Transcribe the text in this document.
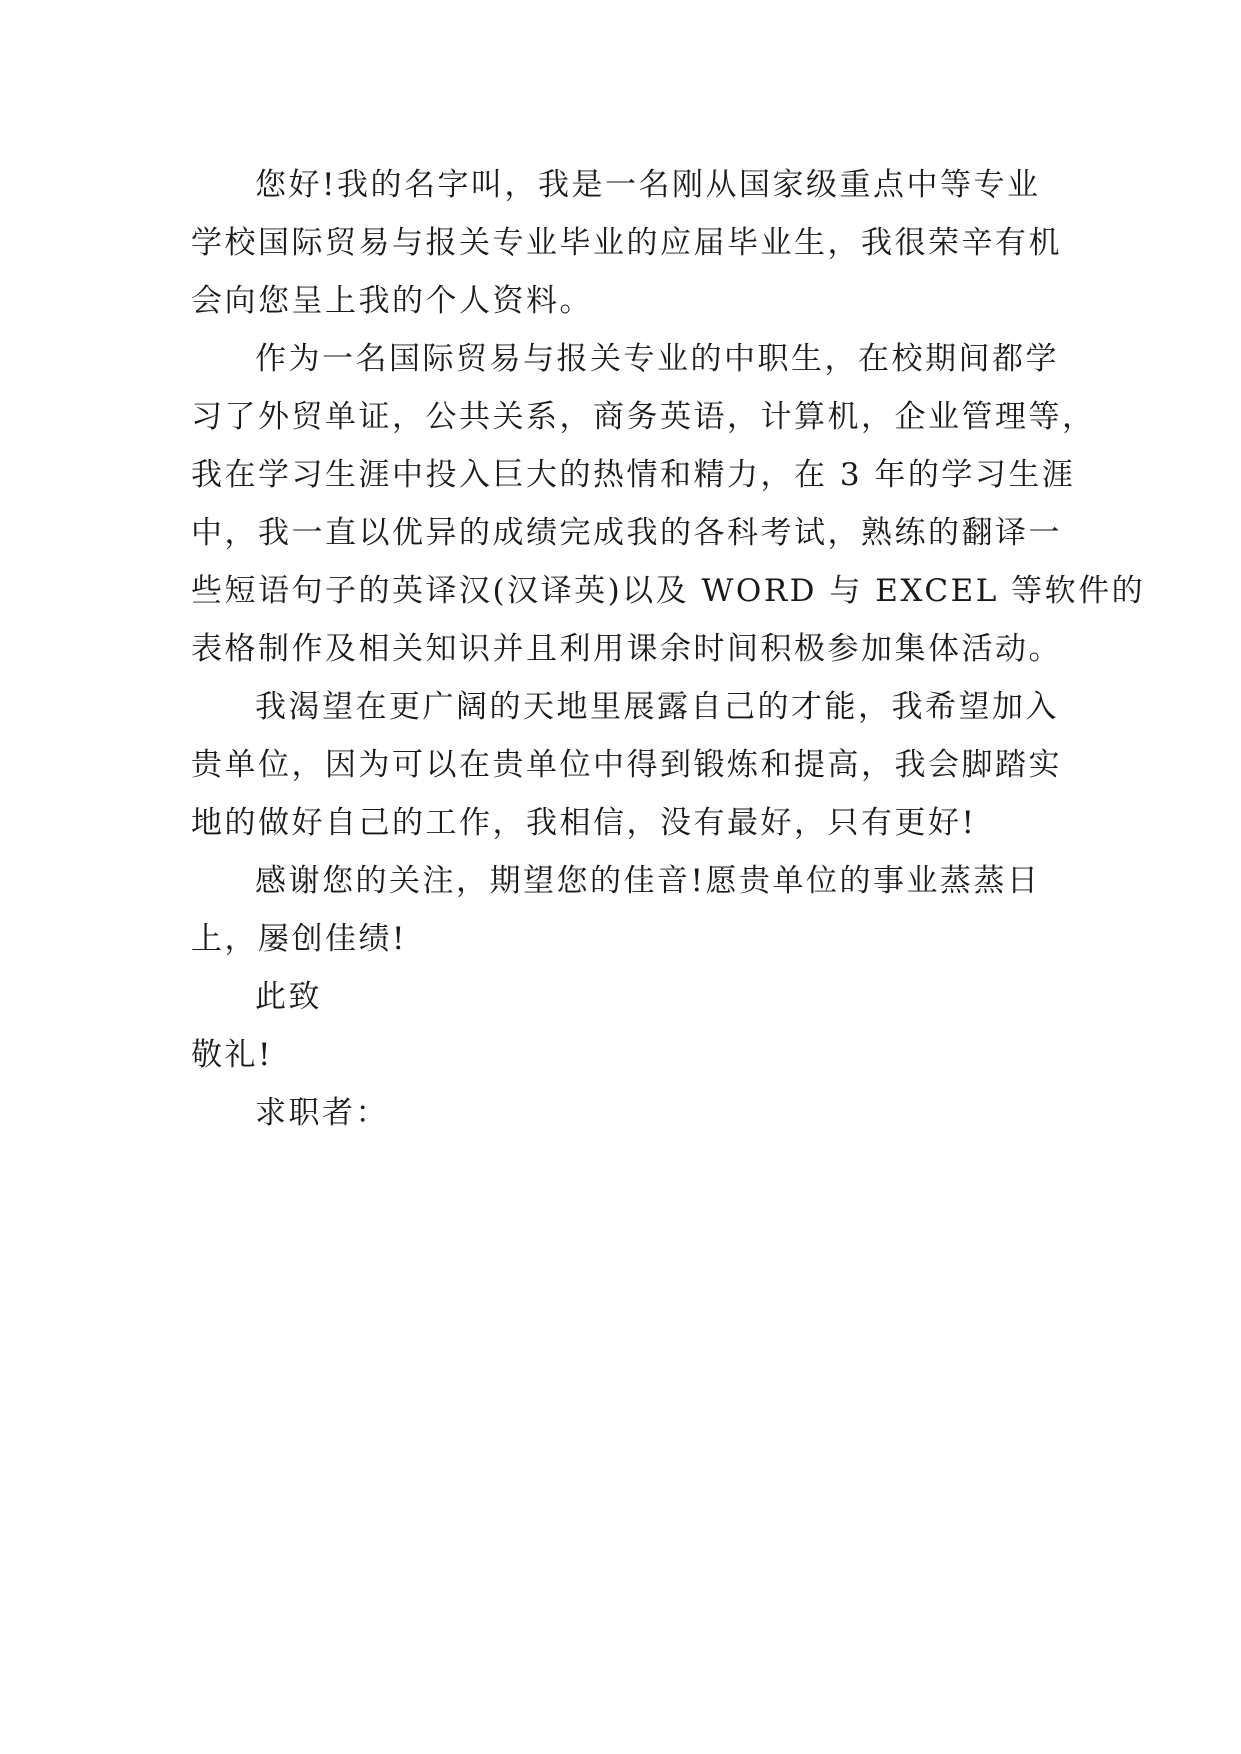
您好!我的名字叫，我是一名刚从国家级重点中等专业
学校国际贸易与报关专业毕业的应届毕业生，我很荣辛有机
会向您呈上我的个人资料。
作为一名国际贸易与报关专业的中职生，在校期间都学
习了外贸单证，公共关系，商务英语，计算机，企业管理等，
我在学习生涯中投入巨大的热情和精力，在 3 年的学习生涯
中，我一直以优异的成绩完成我的各科考试，熟练的翻译一
些短语句子的英译汉(汉译英)以及 WORD 与 EXCEL 等软件的
表格制作及相关知识并且利用课余时间积极参加集体活动。
我渴望在更广阔的天地里展露自己的才能，我希望加入
贵单位，因为可以在贵单位中得到锻炼和提高，我会脚踏实
地的做好自己的工作，我相信，没有最好，只有更好!
感谢您的关注，期望您的佳音!愿贵单位的事业蒸蒸日
上，屡创佳绩!
此致
敬礼!
求职者：
